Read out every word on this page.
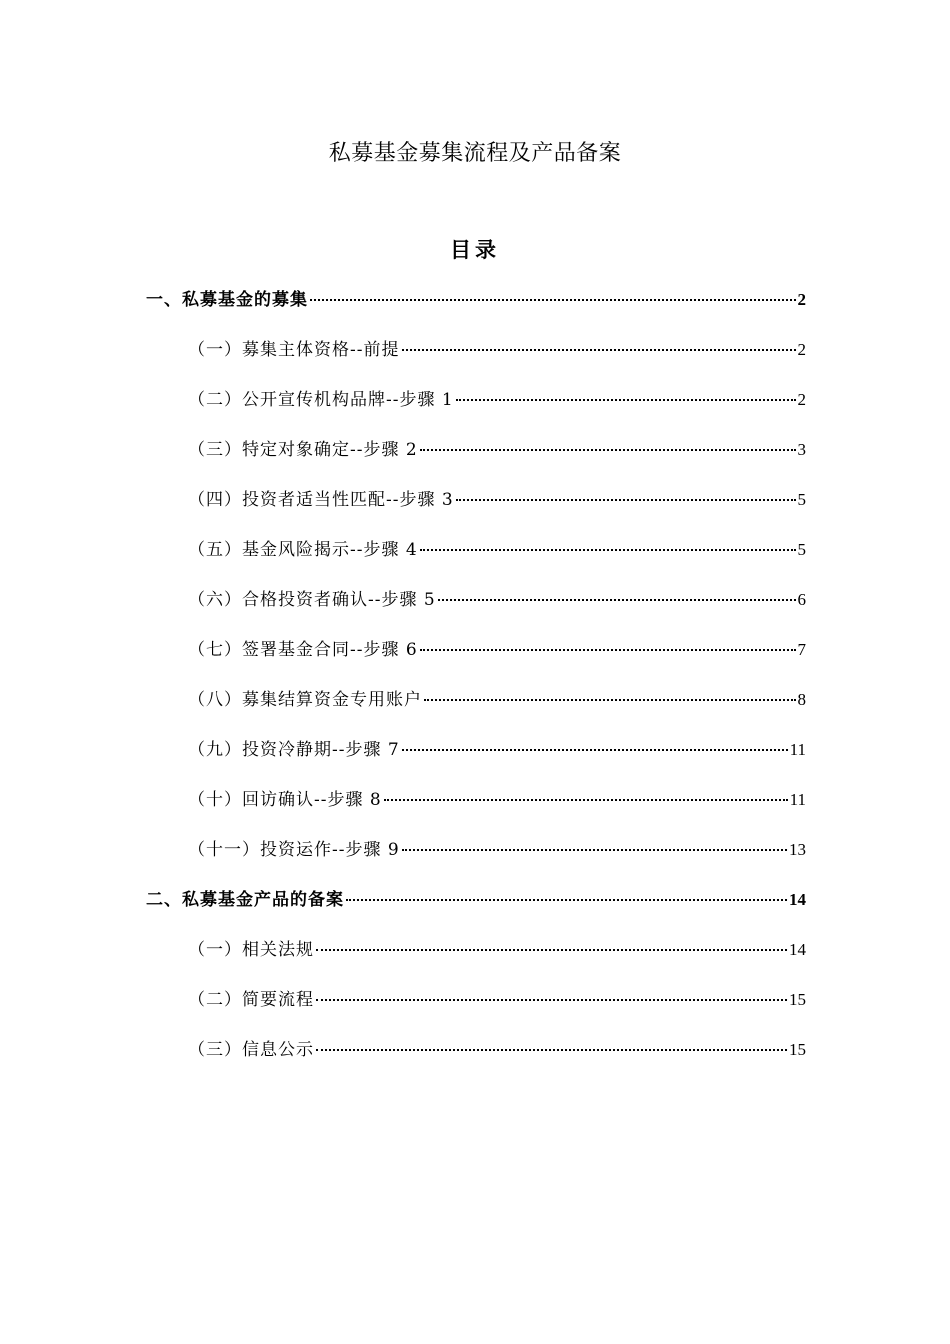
私募基金募集流程及产品备案
目录
一、私募基金的募集	2
（一）募集主体资格--前提	2
（二）公开宣传机构品牌--步骤 1	2
（三）特定对象确定--步骤 2	3
（四）投资者适当性匹配--步骤 3	5
（五）基金风险揭示--步骤 4	5
（六）合格投资者确认--步骤 5	6
（七）签署基金合同--步骤 6	7
（八）募集结算资金专用账户	8
（九）投资冷静期--步骤 7	11
（十）回访确认--步骤 8	11
（十一）投资运作--步骤 9	13
二、私募基金产品的备案	14
（一）相关法规	14
（二）简要流程	15
（三）信息公示	15
